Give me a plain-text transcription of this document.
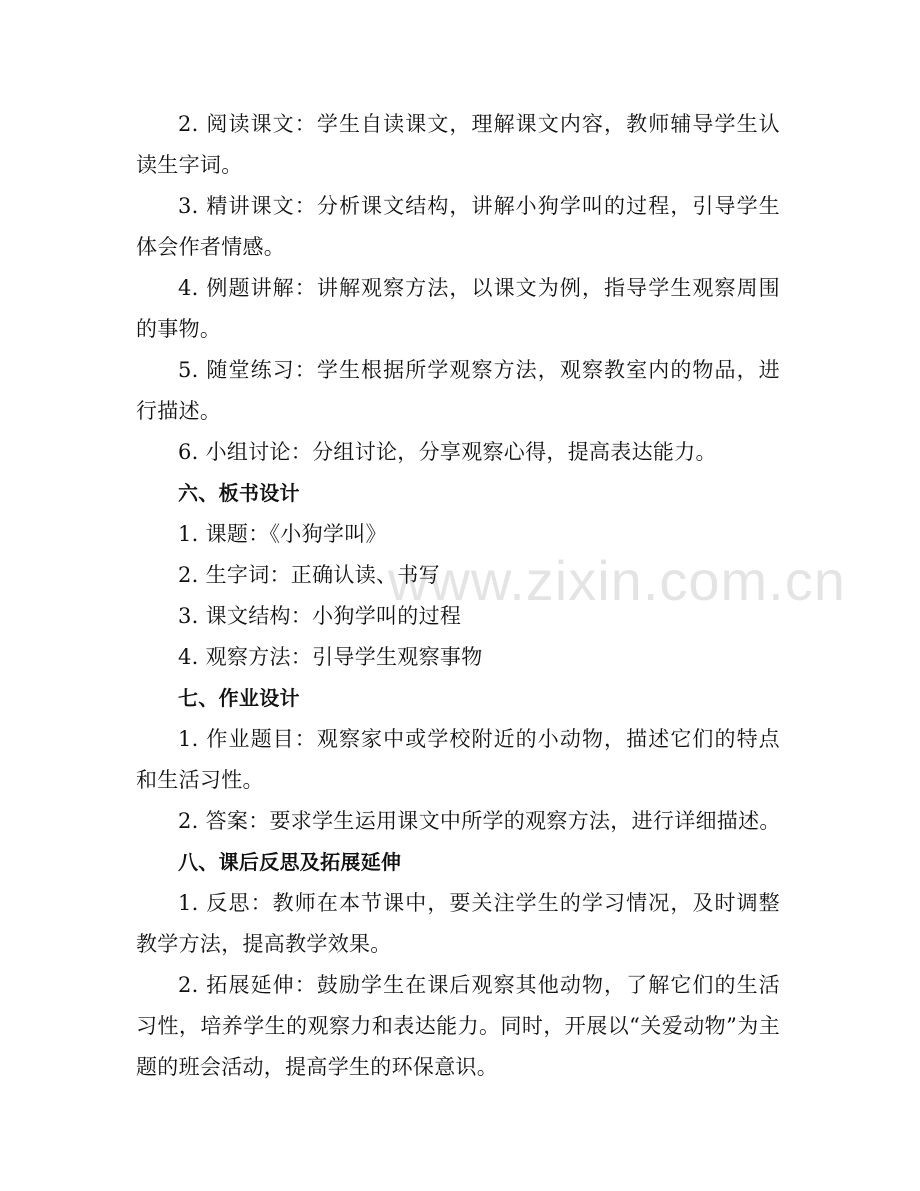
2. 阅读课文：学生自读课文，理解课文内容，教师辅导学生认读生字词。

3. 精讲课文：分析课文结构，讲解小狗学叫的过程，引导学生体会作者情感。

4. 例题讲解：讲解观察方法，以课文为例，指导学生观察周围的事物。

5. 随堂练习：学生根据所学观察方法，观察教室内的物品，进行描述。

6. 小组讨论：分组讨论，分享观察心得，提高表达能力。

六、板书设计

1. 课题：《小狗学叫》

2. 生字词：正确认读、书写

3. 课文结构：小狗学叫的过程

4. 观察方法：引导学生观察事物

七、作业设计

1. 作业题目：观察家中或学校附近的小动物，描述它们的特点和生活习性。

2. 答案：要求学生运用课文中所学的观察方法，进行详细描述。

八、课后反思及拓展延伸

1. 反思：教师在本节课中，要关注学生的学习情况，及时调整教学方法，提高教学效果。

2. 拓展延伸：鼓励学生在课后观察其他动物，了解它们的生活习性，培养学生的观察力和表达能力。同时，开展以“关爱动物”为主题的班会活动，提高学生的环保意识。

www.zixin.com.cn
